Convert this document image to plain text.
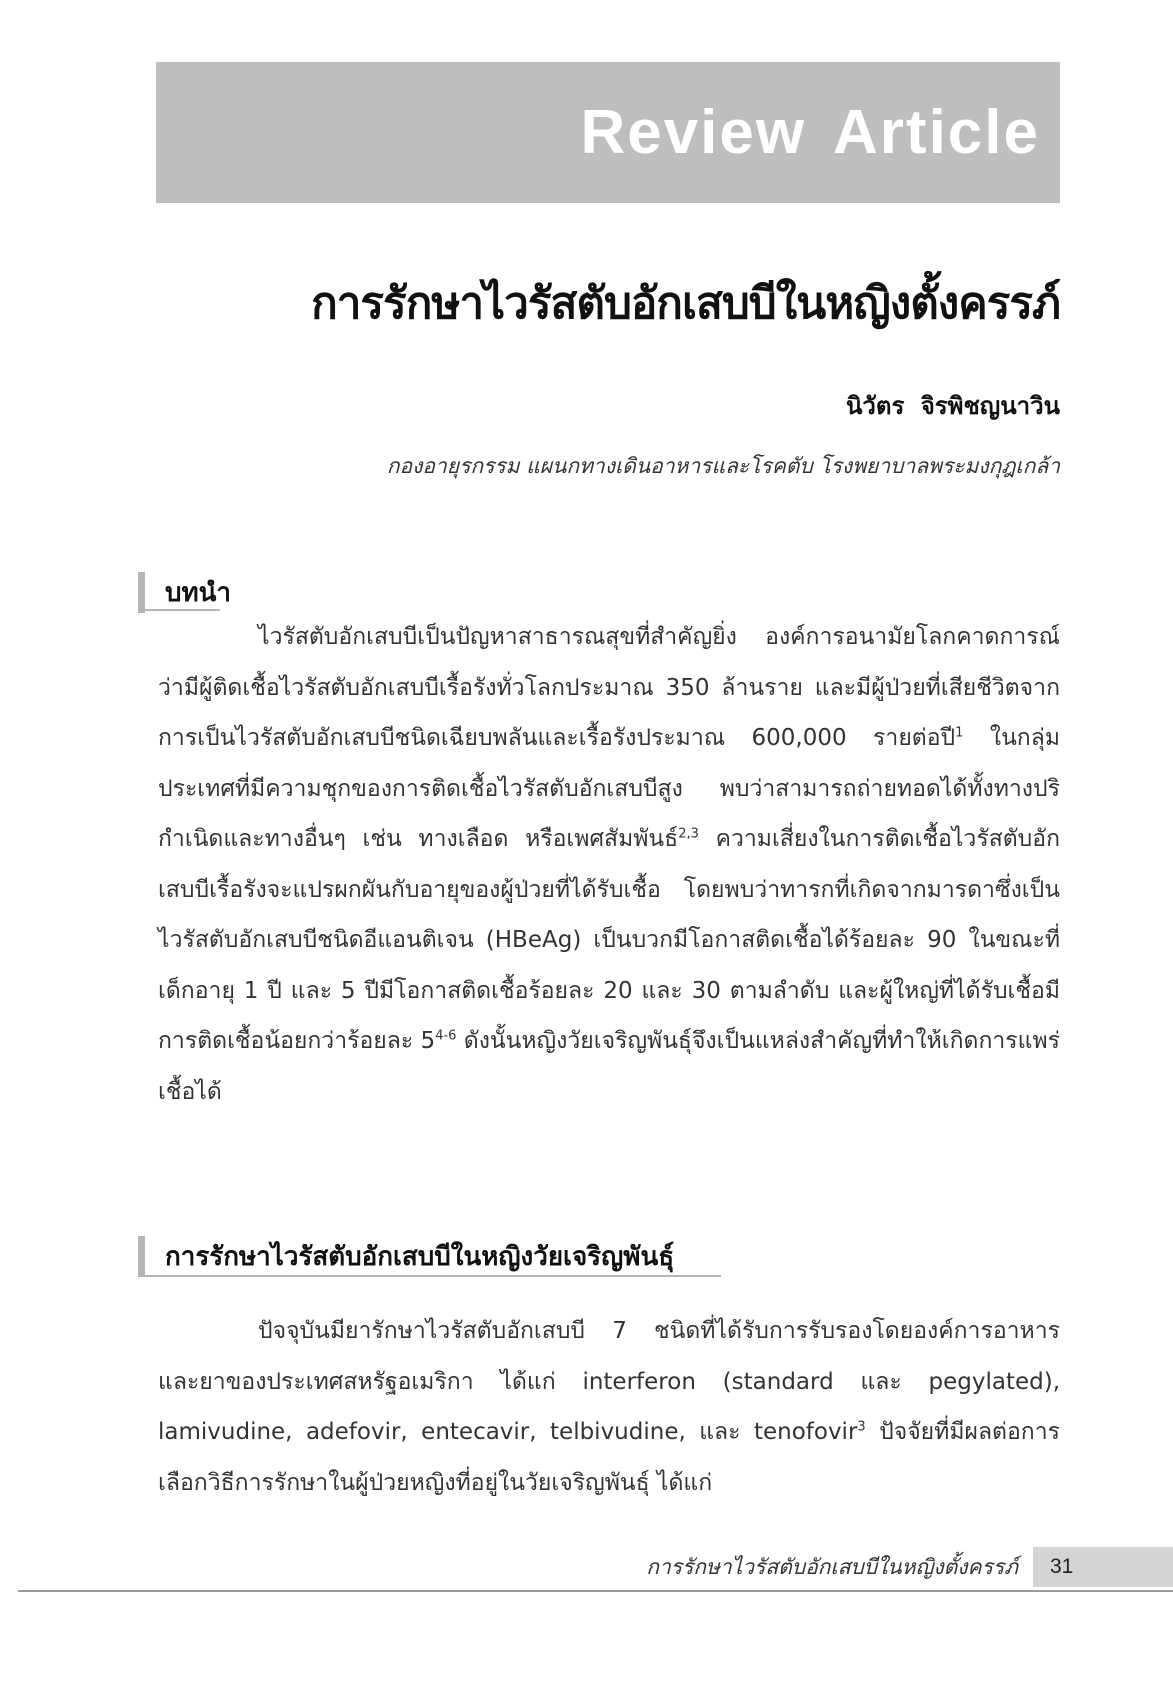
Review Article
การรักษาไวรัสตับอักเสบบีในหญิงตั้งครรภ์
นิวัตร จิรพิชญนาวิน
กองอายุรกรรม แผนกทางเดินอาหารและโรคตับ โรงพยาบาลพระมงกุฎเกล้า
บทนำ

ไวรัสตับอักเสบบีเป็นปัญหาสาธารณสุขที่สำคัญยิ่ง องค์การอนามัยโลกคาดการณ์ว่ามีผู้ติดเชื้อไวรัสตับอักเสบบีเรื้อรังทั่วโลกประมาณ 350 ล้านราย และมีผู้ป่วยที่เสียชีวิตจากการเป็นไวรัสตับอักเสบบีชนิดเฉียบพลันและเรื้อรังประมาณ 600,000 รายต่อปี$^1$ ในกลุ่มประเทศที่มีความชุกของการติดเชื้อไวรัสตับอักเสบบีสูง พบว่าสามารถถ่ายทอดได้ทั้งทางปริกำเนิดและทางอื่นๆ เช่น ทางเลือด หรือเพศสัมพันธ์$^{2,3}$ ความเสี่ยงในการติดเชื้อไวรัสตับอักเสบบีเรื้อรังจะแปรผกผันกับอายุของผู้ป่วยที่ได้รับเชื้อ โดยพบว่าทารกที่เกิดจากมารดาซึ่งเป็นไวรัสตับอักเสบบีชนิดอีแอนติเจน (HBeAg) เป็นบวกมีโอกาสติดเชื้อได้ร้อยละ 90 ในขณะที่เด็กอายุ 1 ปี และ 5 ปีมีโอกาสติดเชื้อร้อยละ 20 และ 30 ตามลำดับ และผู้ใหญ่ที่ได้รับเชื้อมีการติดเชื้อน้อยกว่าร้อยละ 5$^{4-6}$ ดังนั้นหญิงวัยเจริญพันธุ์จึงเป็นแหล่งสำคัญที่ทำให้เกิดการแพร่เชื้อได้

การรักษาไวรัสตับอักเสบบีในหญิงวัยเจริญพันธุ์

ปัจจุบันมียารักษาไวรัสตับอักเสบบี 7 ชนิดที่ได้รับการรับรองโดยองค์การอาหารและยาของประเทศสหรัฐอเมริกา ได้แก่ interferon (standard และ pegylated), lamivudine, adefovir, entecavir, telbivudine, และ tenofovir$^3$ ปัจจัยที่มีผลต่อการเลือกวิธีการรักษาในผู้ป่วยหญิงที่อยู่ในวัยเจริญพันธุ์ ได้แก่

การรักษาไวรัสตับอักเสบบีในหญิงตั้งครรภ์ 31
